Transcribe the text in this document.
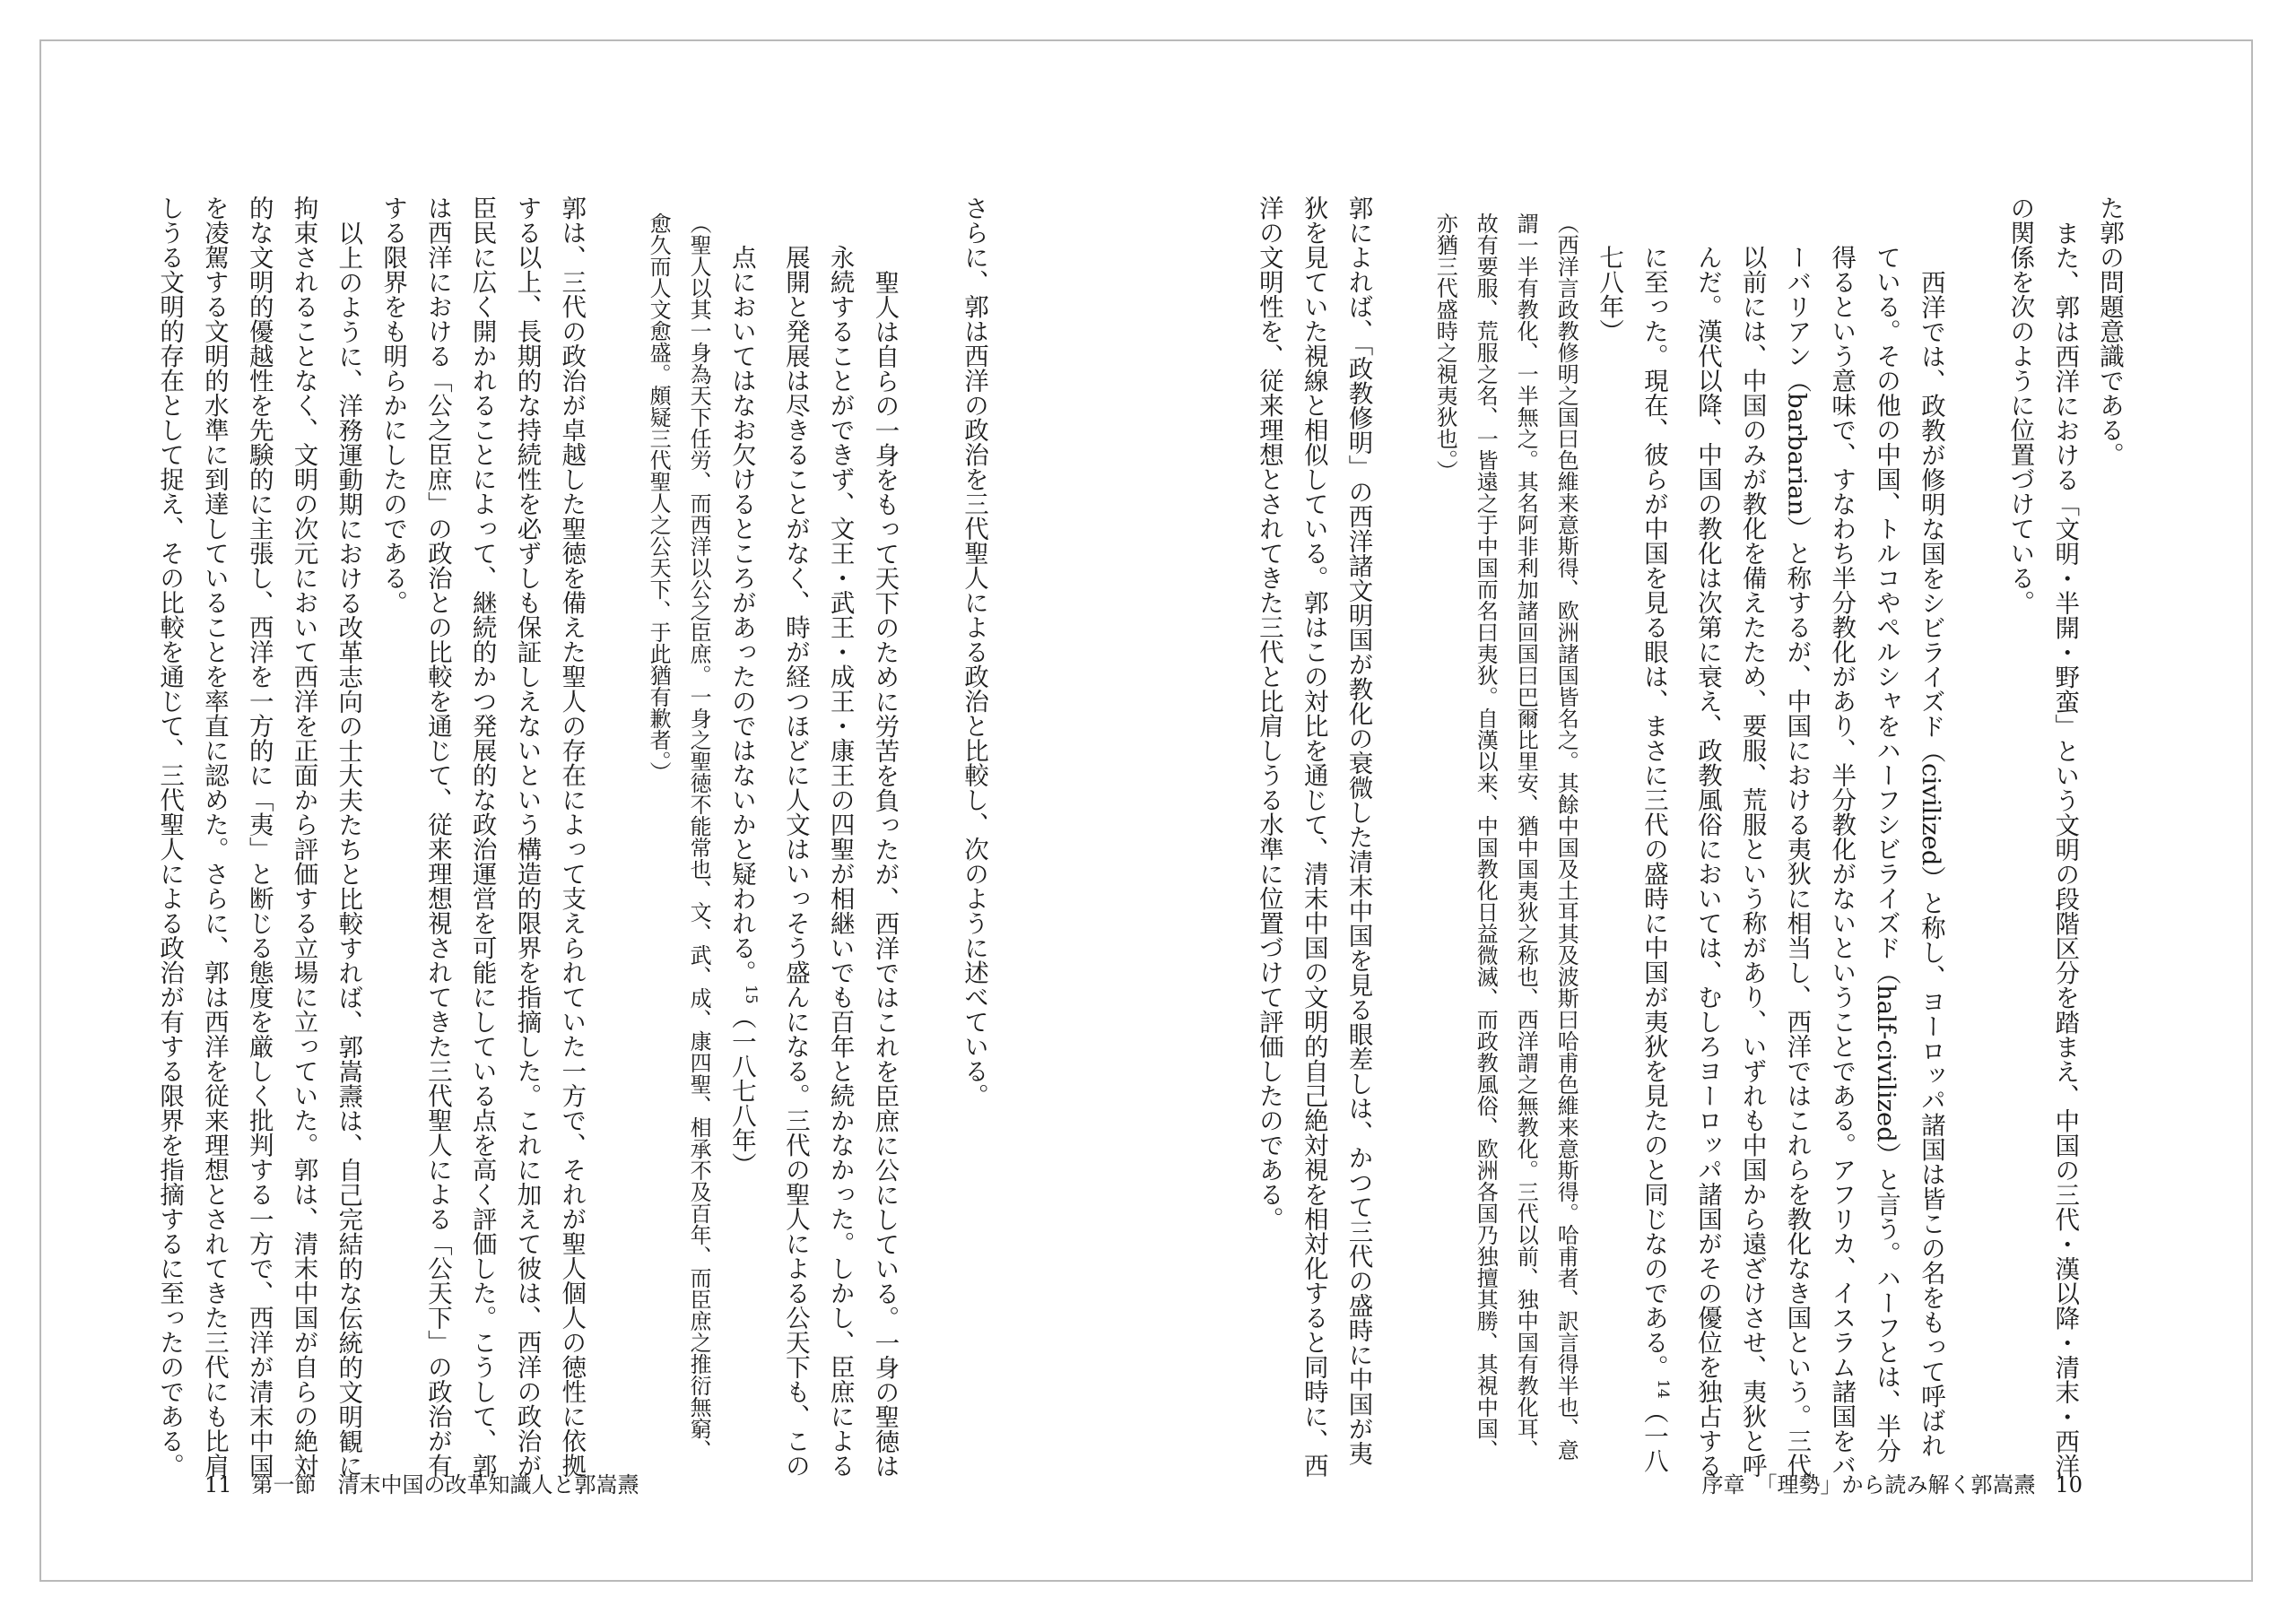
た郭の問題意識である。

また、郭は西洋における「文明・半開・野蛮」という文明の段階区分を踏まえ、中国の三代・漢以降・清末・西洋の関係を次のように位置づけている。

西洋では、政教が修明な国をシビライズド（civilized）と称し、ヨーロッパ諸国は皆この名をもって呼ばれている。その他の中国、トルコやペルシャをハーフシビライズド（half-civilized）と言う。ハーフとは、半分得るという意味で、すなわち半分教化があり、半分教化がないということである。アフリカ、イスラム諸国をバーバリアン（barbarian）と称するが、中国における夷狄に相当し、西洋ではこれらを教化なき国という。三代以前には、中国のみが教化を備えたため、要服、荒服という称があり、いずれも中国から遠ざけさせ、夷狄と呼んだ。漢代以降、中国の教化は次第に衰え、政教風俗においては、むしろヨーロッパ諸国がその優位を独占するに至った。現在、彼らが中国を見る眼は、まさに三代の盛時に中国が夷狄を見たのと同じなのである。$^{14}$（一八七八年）

（西洋言政教修明之国曰色維来意斯得、欧洲諸国皆名之。其餘中国及土耳其及波斯曰哈甫色維来意斯得。哈甫者、訳言得半也、意謂一半有教化、一半無之。其名阿非利加諸回国曰巴爾比里安、猶中国夷狄之称也、西洋謂之無教化。三代以前、独中国有教化耳、故有要服、荒服之名、一皆遠之于中国而名曰夷狄。自漢以来、中国教化日益微滅、而政教風俗、欧洲各国乃独擅其勝、其視中国、亦猶三代盛時之視夷狄也。）

郭によれば、「政教修明」の西洋諸文明国が教化の衰微した清末中国を見る眼差しは、かつて三代の盛時に中国が夷狄を見ていた視線と相似している。郭はこの対比を通じて、清末中国の文明的自己絶対視を相対化すると同時に、西洋の文明性を、従来理想とされてきた三代と比肩しうる水準に位置づけて評価したのである。

序章　「理勢」から読み解く郭嵩燾 10

さらに、郭は西洋の政治を三代聖人による政治と比較し、次のように述べている。

聖人は自らの一身をもって天下のために労苦を負ったが、西洋ではこれを臣庶に公にしている。一身の聖徳は永続することができず、文王・武王・成王・康王の四聖が相継いでも百年と続かなかった。しかし、臣庶による展開と発展は尽きることがなく、時が経つほどに人文はいっそう盛んになる。三代の聖人による公天下も、この点においてはなお欠けるところがあったのではないかと疑われる。$^{15}$（一八七八年）

（聖人以其一身為天下任労、而西洋以公之臣庶。一身之聖徳不能常也、文、武、成、康四聖、相承不及百年、而臣庶之推衍無窮、愈久而人文愈盛。頗疑三代聖人之公天下、于此猶有歉者。）

郭は、三代の政治が卓越した聖徳を備えた聖人の存在によって支えられていた一方で、それが聖人個人の徳性に依拠する以上、長期的な持続性を必ずしも保証しえないという構造的限界を指摘した。これに加えて彼は、西洋の政治が臣民に広く開かれることによって、継続的かつ発展的な政治運営を可能にしている点を高く評価した。こうして、郭は西洋における「公之臣庶」の政治との比較を通じて、従来理想視されてきた三代聖人による「公天下」の政治が有する限界をも明らかにしたのである。

以上のように、洋務運動期における改革志向の士大夫たちと比較すれば、郭嵩燾は、自己完結的な伝統的文明観に拘束されることなく、文明の次元において西洋を正面から評価する立場に立っていた。郭は、清末中国が自らの絶対的な文明的優越性を先験的に主張し、西洋を一方的に「夷」と断じる態度を厳しく批判する一方で、西洋が清末中国を凌駕する文明的水準に到達していることを率直に認めた。さらに、郭は西洋を従来理想とされてきた三代にも比肩しうる文明的存在として捉え、その比較を通じて、三代聖人による政治が有する限界を指摘するに至ったのである。

11 第一節　清末中国の改革知識人と郭嵩燾
